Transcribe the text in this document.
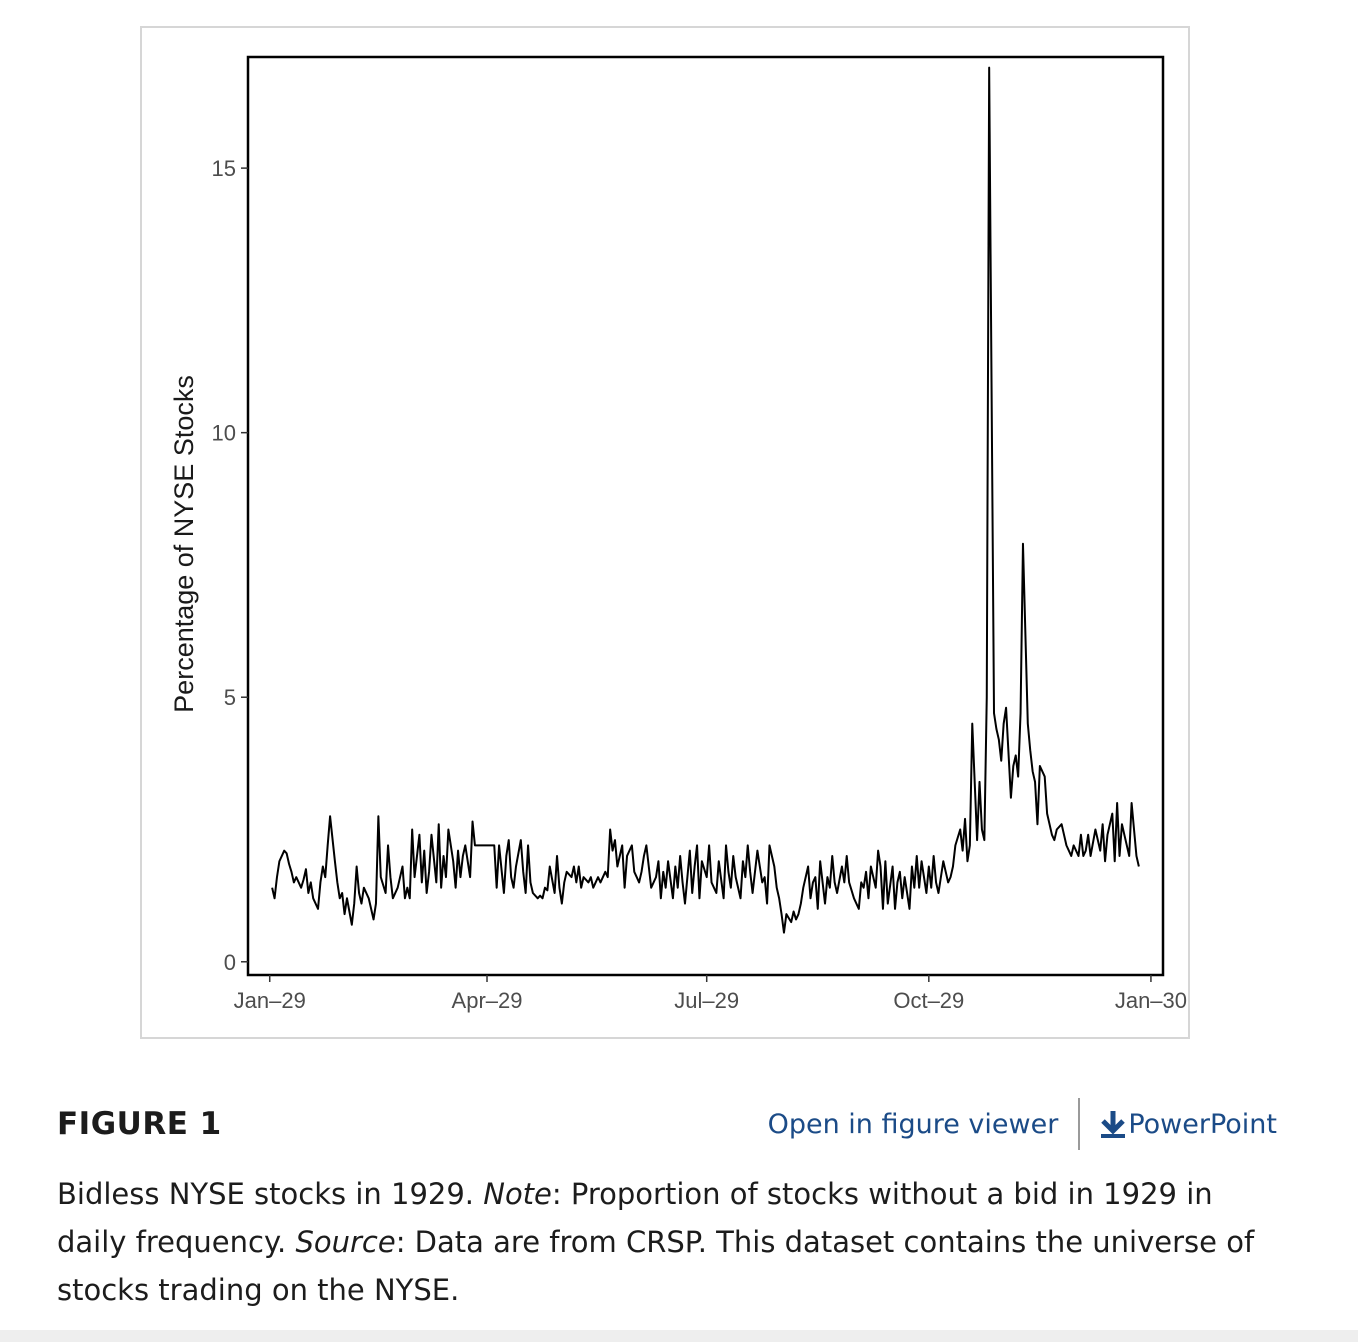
0
5
10
15
Jan–29	Apr–29	Jul–29	Oct–29	Jan–30
Percentage of NYSE Stocks
FIGURE 1	Open in figure viewer	PowerPoint
Bidless NYSE stocks in 1929. Note: Proportion of stocks without a bid in 1929 in daily frequency. Source: Data are from CRSP. This dataset contains the universe of stocks trading on the NYSE.
